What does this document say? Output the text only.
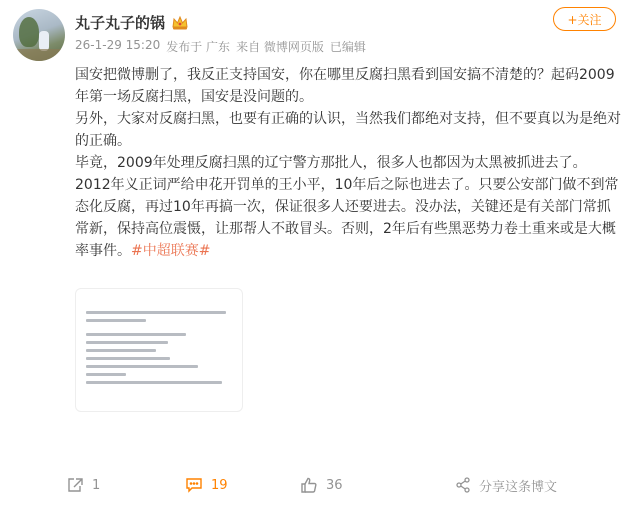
丸子丸子的锅
26-1-29 15:20 发布于 广东 来自 微博网页版 已编辑
+关注

国安把微博删了，我反正支持国安，你在哪里反腐扫黑看到国安搞不清楚的？起码2009年第一场反腐扫黑，国安是没问题的。

另外，大家对反腐扫黑，也要有正确的认识，当然我们都绝对支持，但不要真以为是绝对的正确。

毕竟，2009年处理反腐扫黑的辽宁警方那批人，很多人也都因为太黑被抓进去了。2012年义正词严给申花开罚单的王小平，10年后之际也进去了。只要公安部门做不到常态化反腐，再过10年再搞一次，保证很多人还要进去。没办法，关键还是有关部门常抓常新，保持高位震慑，让那帮人不敢冒头。否则，2年后有些黑恶势力卷土重来或是大概率事件。#中超联赛#

1	19	36	分享这条博文
